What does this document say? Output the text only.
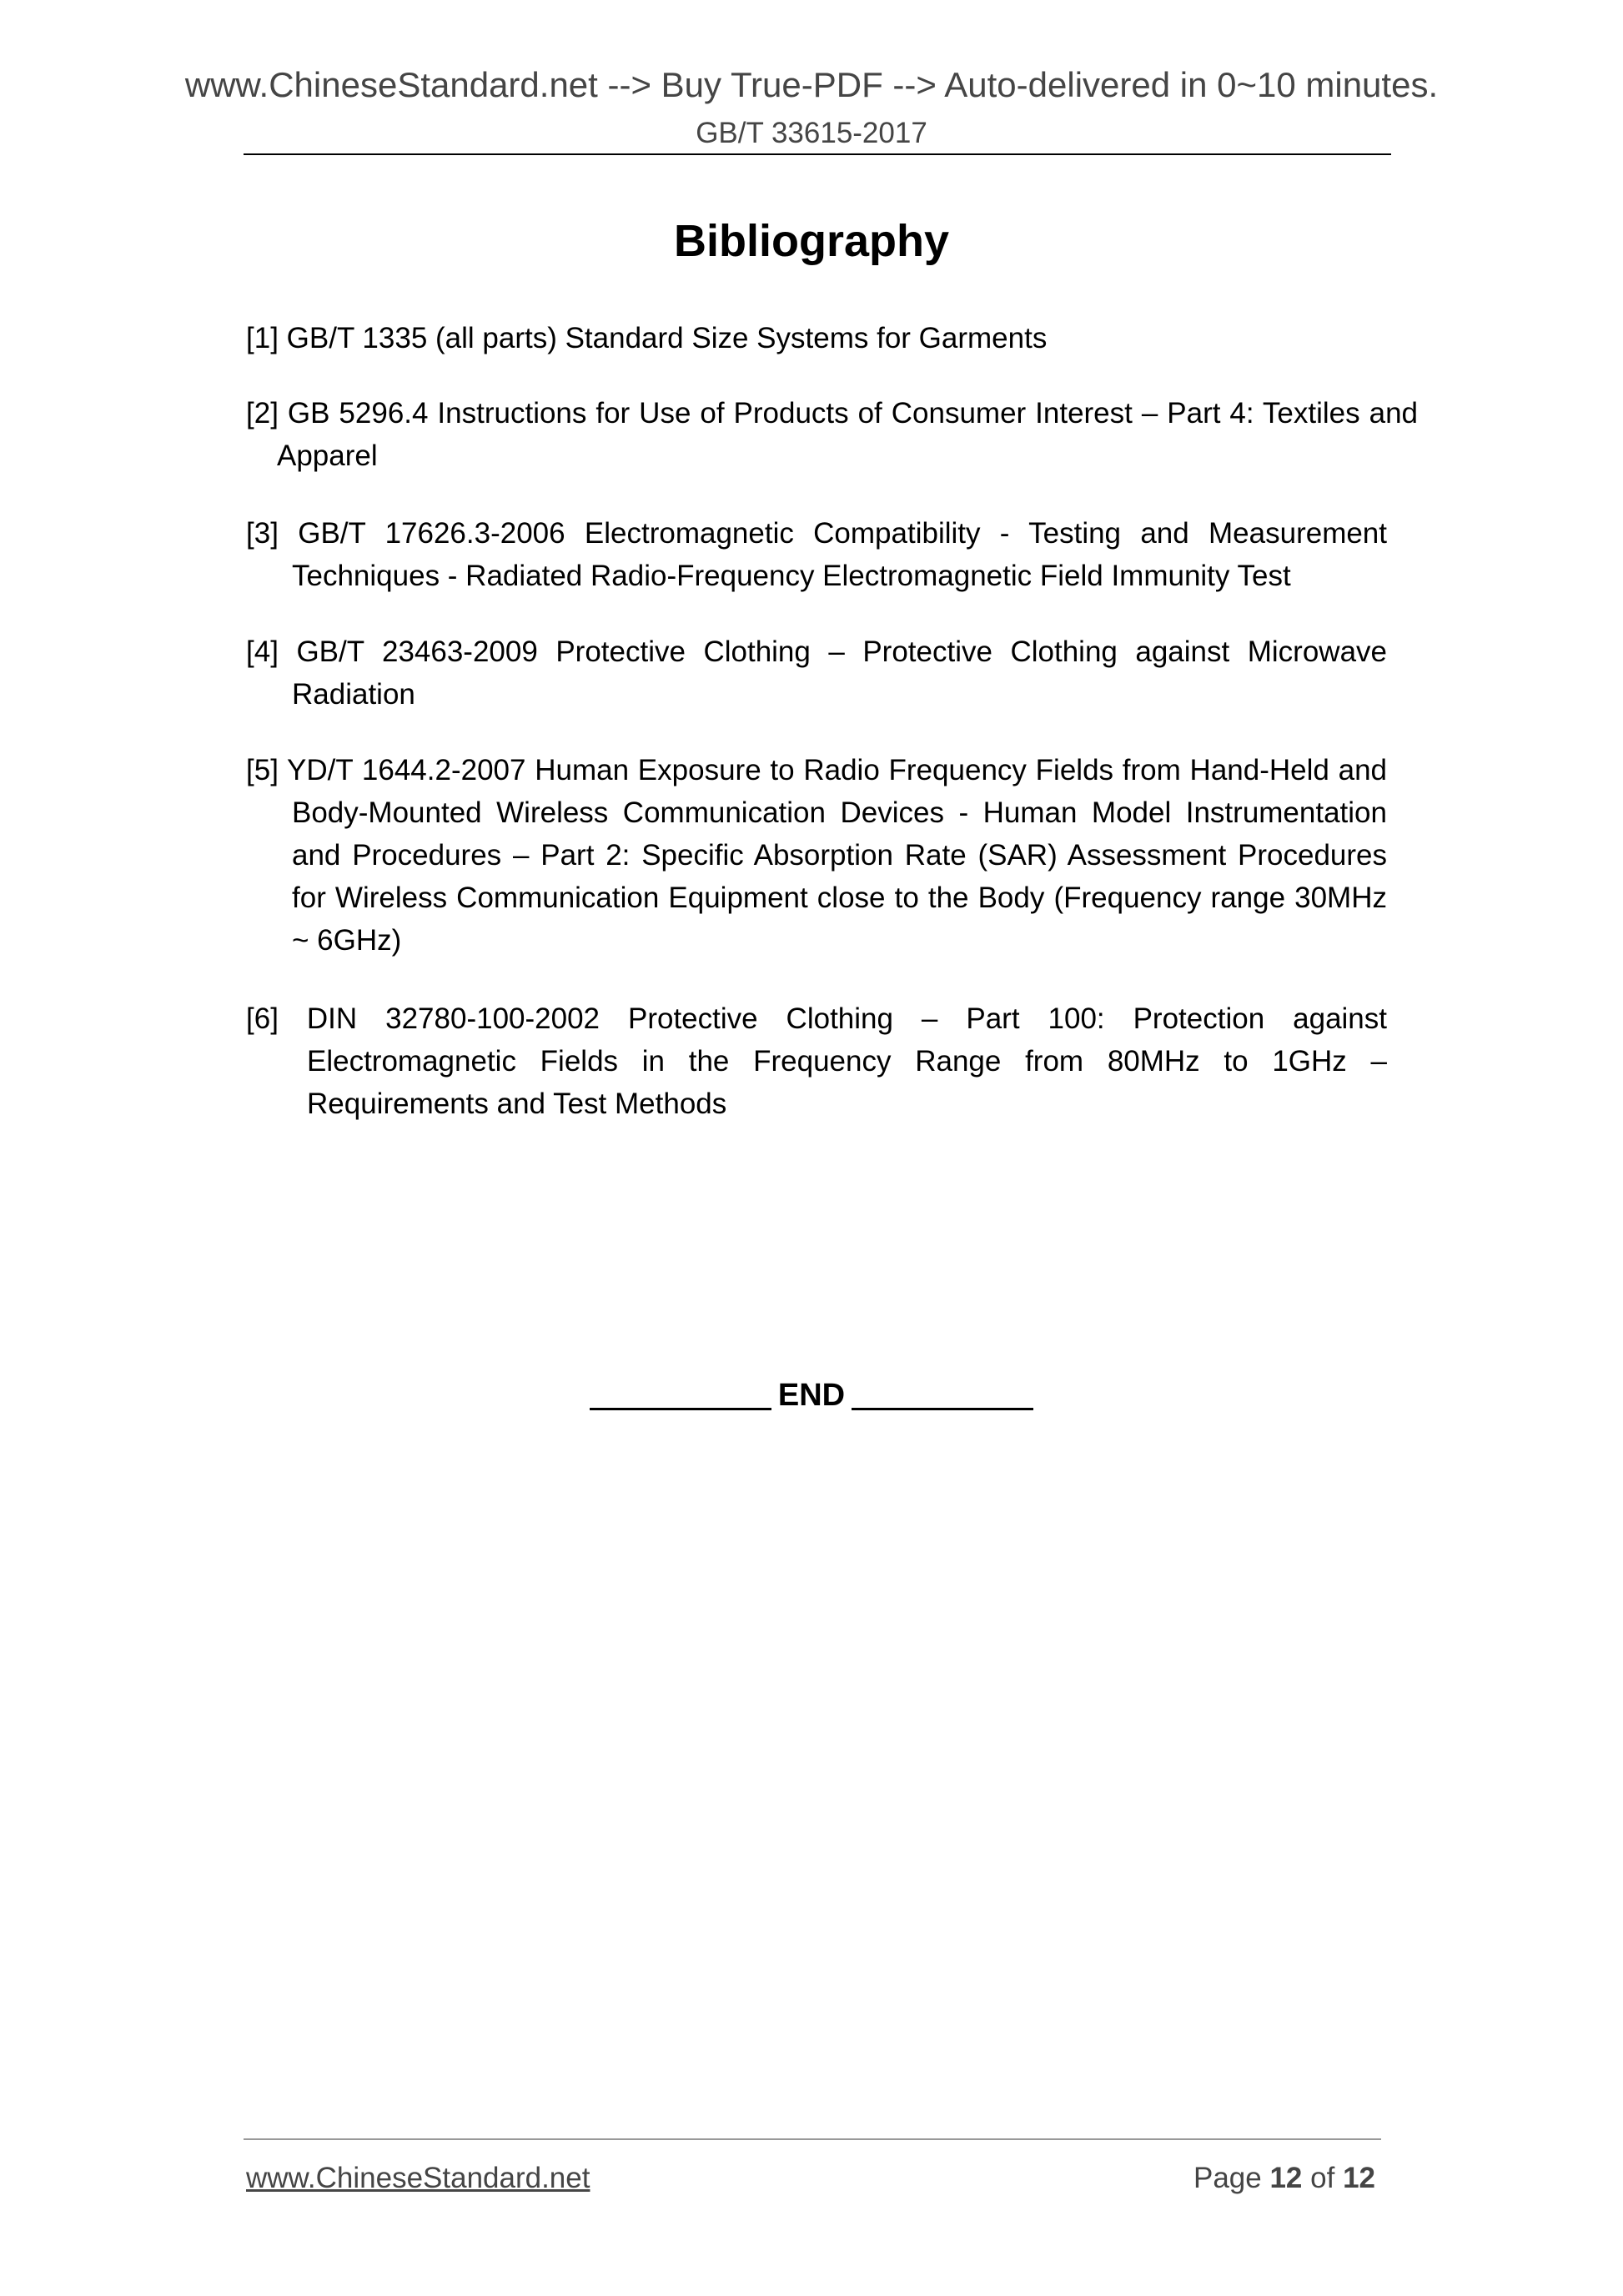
www.ChineseStandard.net --> Buy True-PDF --> Auto-delivered in 0~10 minutes.
GB/T 33615-2017
Bibliography
[1] GB/T 1335 (all parts) Standard Size Systems for Garments
[2] GB 5296.4 Instructions for Use of Products of Consumer Interest – Part 4: Textiles and Apparel
[3] GB/T 17626.3-2006 Electromagnetic Compatibility - Testing and Measurement Techniques - Radiated Radio-Frequency Electromagnetic Field Immunity Test
[4] GB/T 23463-2009 Protective Clothing – Protective Clothing against Microwave Radiation
[5] YD/T 1644.2-2007 Human Exposure to Radio Frequency Fields from Hand-Held and Body-Mounted Wireless Communication Devices - Human Model Instrumentation and Procedures – Part 2: Specific Absorption Rate (SAR) Assessment Procedures for Wireless Communication Equipment close to the Body (Frequency range 30MHz ~ 6GHz)
[6] DIN 32780-100-2002 Protective Clothing – Part 100: Protection against Electromagnetic Fields in the Frequency Range from 80MHz to 1GHz – Requirements and Test Methods
END
www.ChineseStandard.net	Page 12 of 12
